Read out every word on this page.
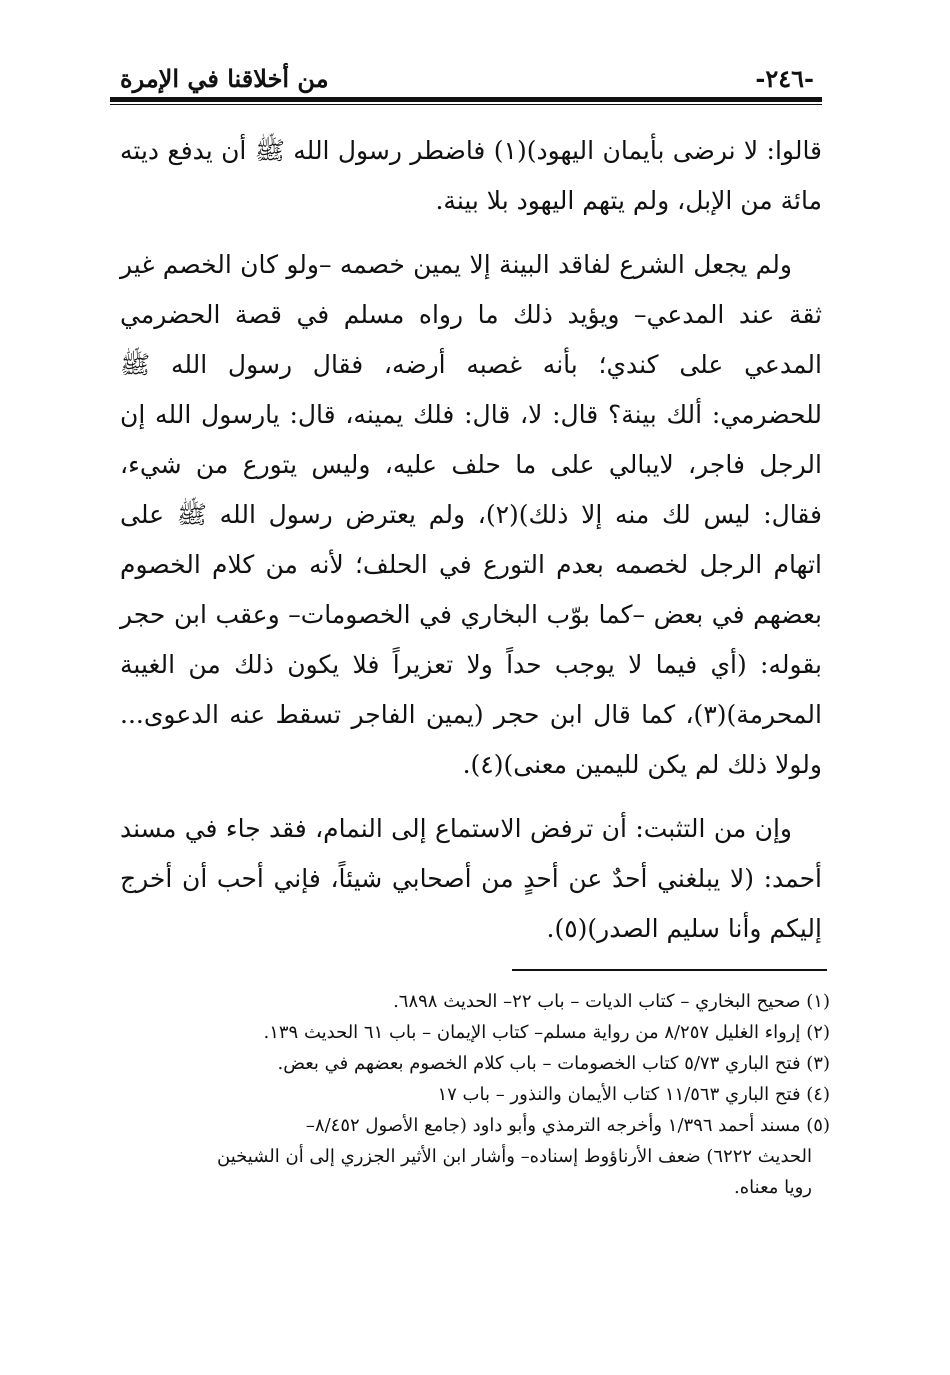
-٢٤٦-
من أخلاقنا في الإمرة

قالوا: لا نرضى بأيمان اليهود)(١) فاضطر رسول الله ﷺ أن يدفع ديته مائة من الإبل، ولم يتهم اليهود بلا بينة.

ولم يجعل الشرع لفاقد البينة إلا يمين خصمه –ولو كان الخصم غير ثقة عند المدعي– ويؤيد ذلك ما رواه مسلم في قصة الحضرمي المدعي على كندي؛ بأنه غصبه أرضه، فقال رسول الله ﷺ للحضرمي: ألك بينة؟ قال: لا، قال: فلك يمينه، قال: يارسول الله إن الرجل فاجر، لايبالي على ما حلف عليه، وليس يتورع من شيء، فقال: ليس لك منه إلا ذلك)(٢)، ولم يعترض رسول الله ﷺ على اتهام الرجل لخصمه بعدم التورع في الحلف؛ لأنه من كلام الخصوم بعضهم في بعض –كما بوّب البخاري في الخصومات– وعقب ابن حجر بقوله: (أي فيما لا يوجب حداً ولا تعزيراً فلا يكون ذلك من الغيبة المحرمة)(٣)، كما قال ابن حجر (يمين الفاجر تسقط عنه الدعوى... ولولا ذلك لم يكن لليمين معنى)(٤).

وإن من التثبت: أن ترفض الاستماع إلى النمام، فقد جاء في مسند أحمد: (لا يبلغني أحدٌ عن أحدٍ من أصحابي شيئاً، فإني أحب أن أخرج إليكم وأنا سليم الصدر)(٥).

(١) صحيح البخاري – كتاب الديات – باب ٢٢– الحديث ٦٨٩٨.

(٢) إرواء الغليل ٨/٢٥٧ من رواية مسلم– كتاب الإيمان – باب ٦١ الحديث ١٣٩.

(٣) فتح الباري ٥/٧٣ كتاب الخصومات – باب كلام الخصوم بعضهم في بعض.

(٤) فتح الباري ١١/٥٦٣ كتاب الأيمان والنذور – باب ١٧

(٥) مسند أحمد ١/٣٩٦ وأخرجه الترمذي وأبو داود (جامع الأصول ٨/٤٥٢–

الحديث ٦٢٢٢) ضعف الأرناؤوط إسناده– وأشار ابن الأثير الجزري إلى أن الشيخين

رويا معناه.
